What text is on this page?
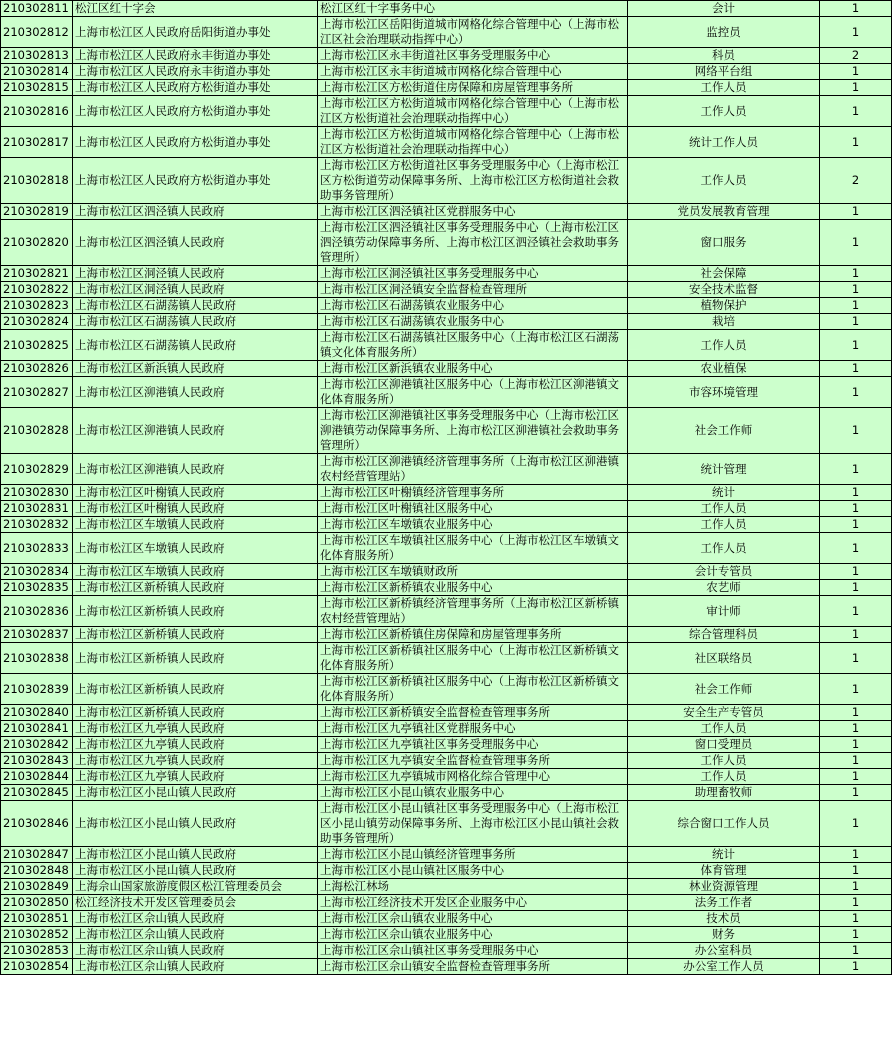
210302811	松江区红十字会	松江区红十字事务中心	会计	1
210302812	上海市松江区人民政府岳阳街道办事处	上海市松江区岳阳街道城市网格化综合管理中心（上海市松江区社会治理联动指挥中心）	监控员	1
210302813	上海市松江区人民政府永丰街道办事处	上海市松江区永丰街道社区事务受理服务中心	科员	2
210302814	上海市松江区人民政府永丰街道办事处	上海市松江区永丰街道城市网格化综合管理中心	网络平台组	1
210302815	上海市松江区人民政府方松街道办事处	上海市松江区方松街道住房保障和房屋管理事务所	工作人员	1
210302816	上海市松江区人民政府方松街道办事处	上海市松江区方松街道城市网格化综合管理中心（上海市松江区方松街道社会治理联动指挥中心）	工作人员	1
210302817	上海市松江区人民政府方松街道办事处	上海市松江区方松街道城市网格化综合管理中心（上海市松江区方松街道社会治理联动指挥中心）	统计工作人员	1
210302818	上海市松江区人民政府方松街道办事处	上海市松江区方松街道社区事务受理服务中心（上海市松江区方松街道劳动保障事务所、上海市松江区方松街道社会救助事务管理所）	工作人员	2
210302819	上海市松江区泗泾镇人民政府	上海市松江区泗泾镇社区党群服务中心	党员发展教育管理	1
210302820	上海市松江区泗泾镇人民政府	上海市松江区泗泾镇社区事务受理服务中心（上海市松江区泗泾镇劳动保障事务所、上海市松江区泗泾镇社会救助事务管理所）	窗口服务	1
210302821	上海市松江区洞泾镇人民政府	上海市松江区洞泾镇社区事务受理服务中心	社会保障	1
210302822	上海市松江区洞泾镇人民政府	上海市松江区洞泾镇安全监督检查管理所	安全技术监督	1
210302823	上海市松江区石湖荡镇人民政府	上海市松江区石湖荡镇农业服务中心	植物保护	1
210302824	上海市松江区石湖荡镇人民政府	上海市松江区石湖荡镇农业服务中心	栽培	1
210302825	上海市松江区石湖荡镇人民政府	上海市松江区石湖荡镇社区服务中心（上海市松江区石湖荡镇文化体育服务所）	工作人员	1
210302826	上海市松江区新浜镇人民政府	上海市松江区新浜镇农业服务中心	农业植保	1
210302827	上海市松江区泖港镇人民政府	上海市松江区泖港镇社区服务中心（上海市松江区泖港镇文化体育服务所）	市容环境管理	1
210302828	上海市松江区泖港镇人民政府	上海市松江区泖港镇社区事务受理服务中心（上海市松江区泖港镇劳动保障事务所、上海市松江区泖港镇社会救助事务管理所）	社会工作师	1
210302829	上海市松江区泖港镇人民政府	上海市松江区泖港镇经济管理事务所（上海市松江区泖港镇农村经营管理站）	统计管理	1
210302830	上海市松江区叶榭镇人民政府	上海市松江区叶榭镇经济管理事务所	统计	1
210302831	上海市松江区叶榭镇人民政府	上海市松江区叶榭镇社区服务中心	工作人员	1
210302832	上海市松江区车墩镇人民政府	上海市松江区车墩镇农业服务中心	工作人员	1
210302833	上海市松江区车墩镇人民政府	上海市松江区车墩镇社区服务中心（上海市松江区车墩镇文化体育服务所）	工作人员	1
210302834	上海市松江区车墩镇人民政府	上海市松江区车墩镇财政所	会计专管员	1
210302835	上海市松江区新桥镇人民政府	上海市松江区新桥镇农业服务中心	农艺师	1
210302836	上海市松江区新桥镇人民政府	上海市松江区新桥镇经济管理事务所（上海市松江区新桥镇农村经营管理站）	审计师	1
210302837	上海市松江区新桥镇人民政府	上海市松江区新桥镇住房保障和房屋管理事务所	综合管理科员	1
210302838	上海市松江区新桥镇人民政府	上海市松江区新桥镇社区服务中心（上海市松江区新桥镇文化体育服务所）	社区联络员	1
210302839	上海市松江区新桥镇人民政府	上海市松江区新桥镇社区服务中心（上海市松江区新桥镇文化体育服务所）	社会工作师	1
210302840	上海市松江区新桥镇人民政府	上海市松江区新桥镇安全监督检查管理事务所	安全生产专管员	1
210302841	上海市松江区九亭镇人民政府	上海市松江区九亭镇社区党群服务中心	工作人员	1
210302842	上海市松江区九亭镇人民政府	上海市松江区九亭镇社区事务受理服务中心	窗口受理员	1
210302843	上海市松江区九亭镇人民政府	上海市松江区九亭镇安全监督检查管理事务所	工作人员	1
210302844	上海市松江区九亭镇人民政府	上海市松江区九亭镇城市网格化综合管理中心	工作人员	1
210302845	上海市松江区小昆山镇人民政府	上海市松江区小昆山镇农业服务中心	助理畜牧师	1
210302846	上海市松江区小昆山镇人民政府	上海市松江区小昆山镇社区事务受理服务中心（上海市松江区小昆山镇劳动保障事务所、上海市松江区小昆山镇社会救助事务管理所）	综合窗口工作人员	1
210302847	上海市松江区小昆山镇人民政府	上海市松江区小昆山镇经济管理事务所	统计	1
210302848	上海市松江区小昆山镇人民政府	上海市松江区小昆山镇社区服务中心	体育管理	1
210302849	上海佘山国家旅游度假区松江管理委员会	上海松江林场	林业资源管理	1
210302850	松江经济技术开发区管理委员会	上海市松江经济技术开发区企业服务中心	法务工作者	1
210302851	上海市松江区佘山镇人民政府	上海市松江区佘山镇农业服务中心	技术员	1
210302852	上海市松江区佘山镇人民政府	上海市松江区佘山镇农业服务中心	财务	1
210302853	上海市松江区佘山镇人民政府	上海市松江区佘山镇社区事务受理服务中心	办公室科员	1
210302854	上海市松江区佘山镇人民政府	上海市松江区佘山镇安全监督检查管理事务所	办公室工作人员	1
